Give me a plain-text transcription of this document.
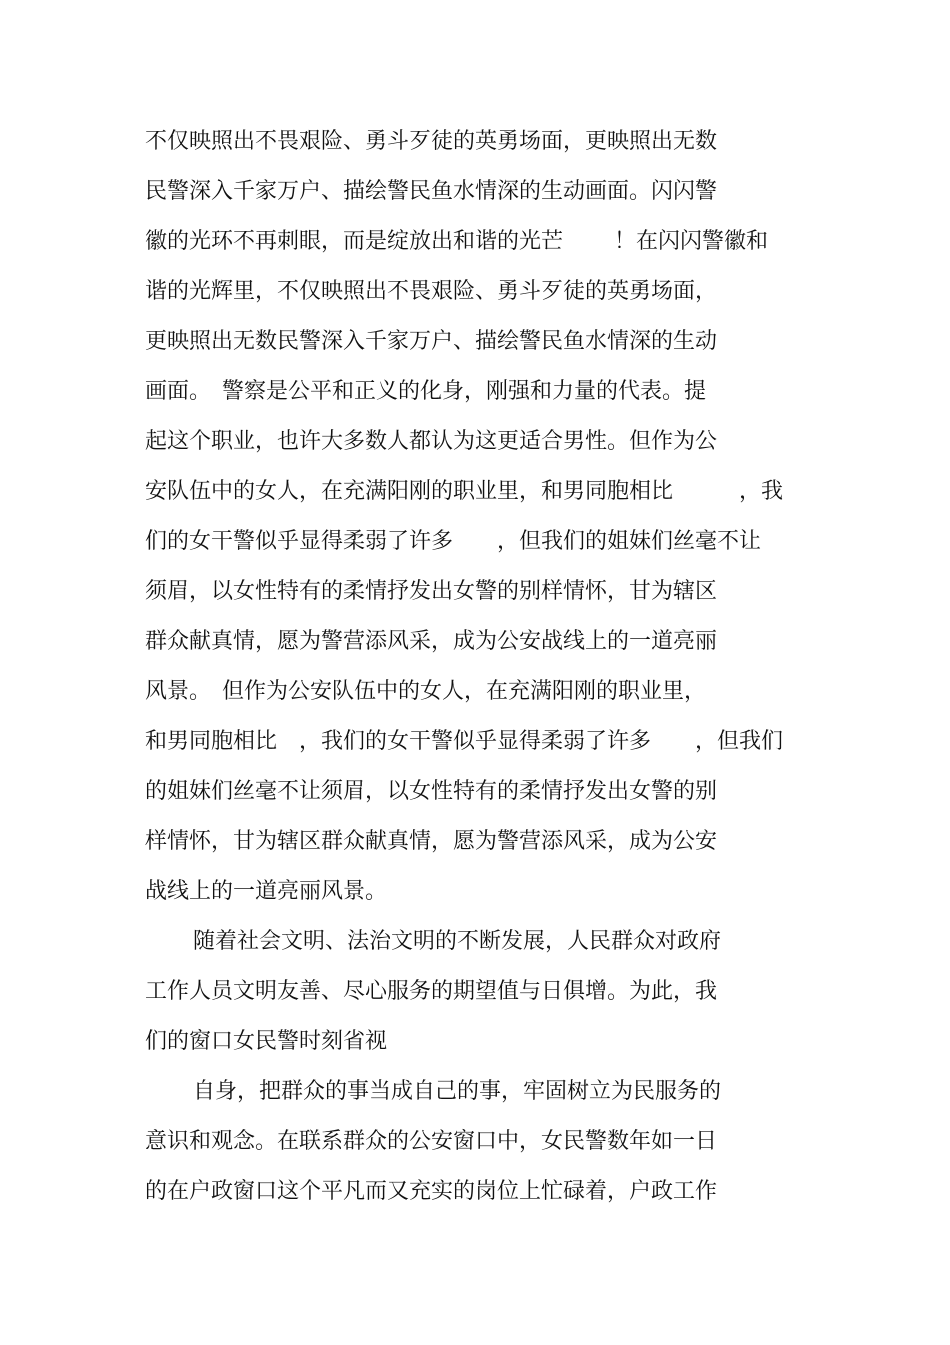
不仅映照出不畏艰险、勇斗歹徒的英勇场面，更映照出无数

民警深入千家万户、描绘警民鱼水情深的生动画面。闪闪警

徽的光环不再刺眼，而是绽放出和谐的光芒　　 ！在闪闪警徽和

谐的光辉里，不仅映照出不畏艰险、勇斗歹徒的英勇场面，

更映照出无数民警深入千家万户、描绘警民鱼水情深的生动

画面。　警察是公平和正义的化身，刚强和力量的代表。提

起这个职业，也许大多数人都认为这更适合男性。但作为公

安队伍中的女人，在充满阳刚的职业里，和男同胞相比　　　，我

们的女干警似乎显得柔弱了许多　　，但我们的姐妹们丝毫不让

须眉，以女性特有的柔情抒发出女警的别样情怀，甘为辖区

群众献真情，愿为警营添风采，成为公安战线上的一道亮丽

风景。　但作为公安队伍中的女人，在充满阳刚的职业里，

和男同胞相比　，我们的女干警似乎显得柔弱了许多　　，但我们

的姐妹们丝毫不让须眉，以女性特有的柔情抒发出女警的别

样情怀，甘为辖区群众献真情，愿为警营添风采，成为公安

战线上的一道亮丽风景。

随着社会文明、法治文明的不断发展，人民群众对政府

工作人员文明友善、尽心服务的期望值与日俱增。为此，我

们的窗口女民警时刻省视

自身，把群众的事当成自己的事，牢固树立为民服务的

意识和观念。在联系群众的公安窗口中，女民警数年如一日

的在户政窗口这个平凡而又充实的岗位上忙碌着，户政工作
